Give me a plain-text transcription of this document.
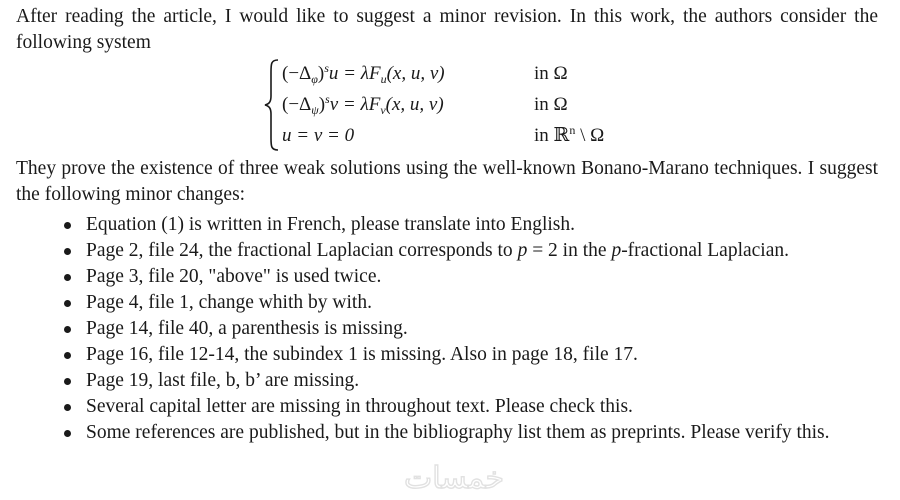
After reading the article, I would like to suggest a minor revision. In this work, the authors consider the following system

$(-\Delta_\varphi)^su = \lambda F_u(x$, u, v)	in Ω
$(-\Delta_\psi)^sv = \lambda F_v(x$, u, v)	in Ω
u = v = 0	in ℝ$^n$ \ Ω

They prove the existence of three weak solutions using the well-known Bonano-Marano techniques. I suggest the following minor changes:

Equation (1) is written in French, please translate into English.
Page 2, file 24, the fractional Laplacian corresponds to p = 2 in the p-fractional Laplacian.
Page 3, file 20, "above" is used twice.
Page 4, file 1, change whith by with.
Page 14, file 40, a parenthesis is missing.
Page 16, file 12-14, the subindex 1 is missing. Also in page 18, file 17.
Page 19, last file, b, b’ are missing.
Several capital letter are missing in throughout text. Please check this.
Some references are published, but in the bibliography list them as preprints. Please verify this.
خمسات
